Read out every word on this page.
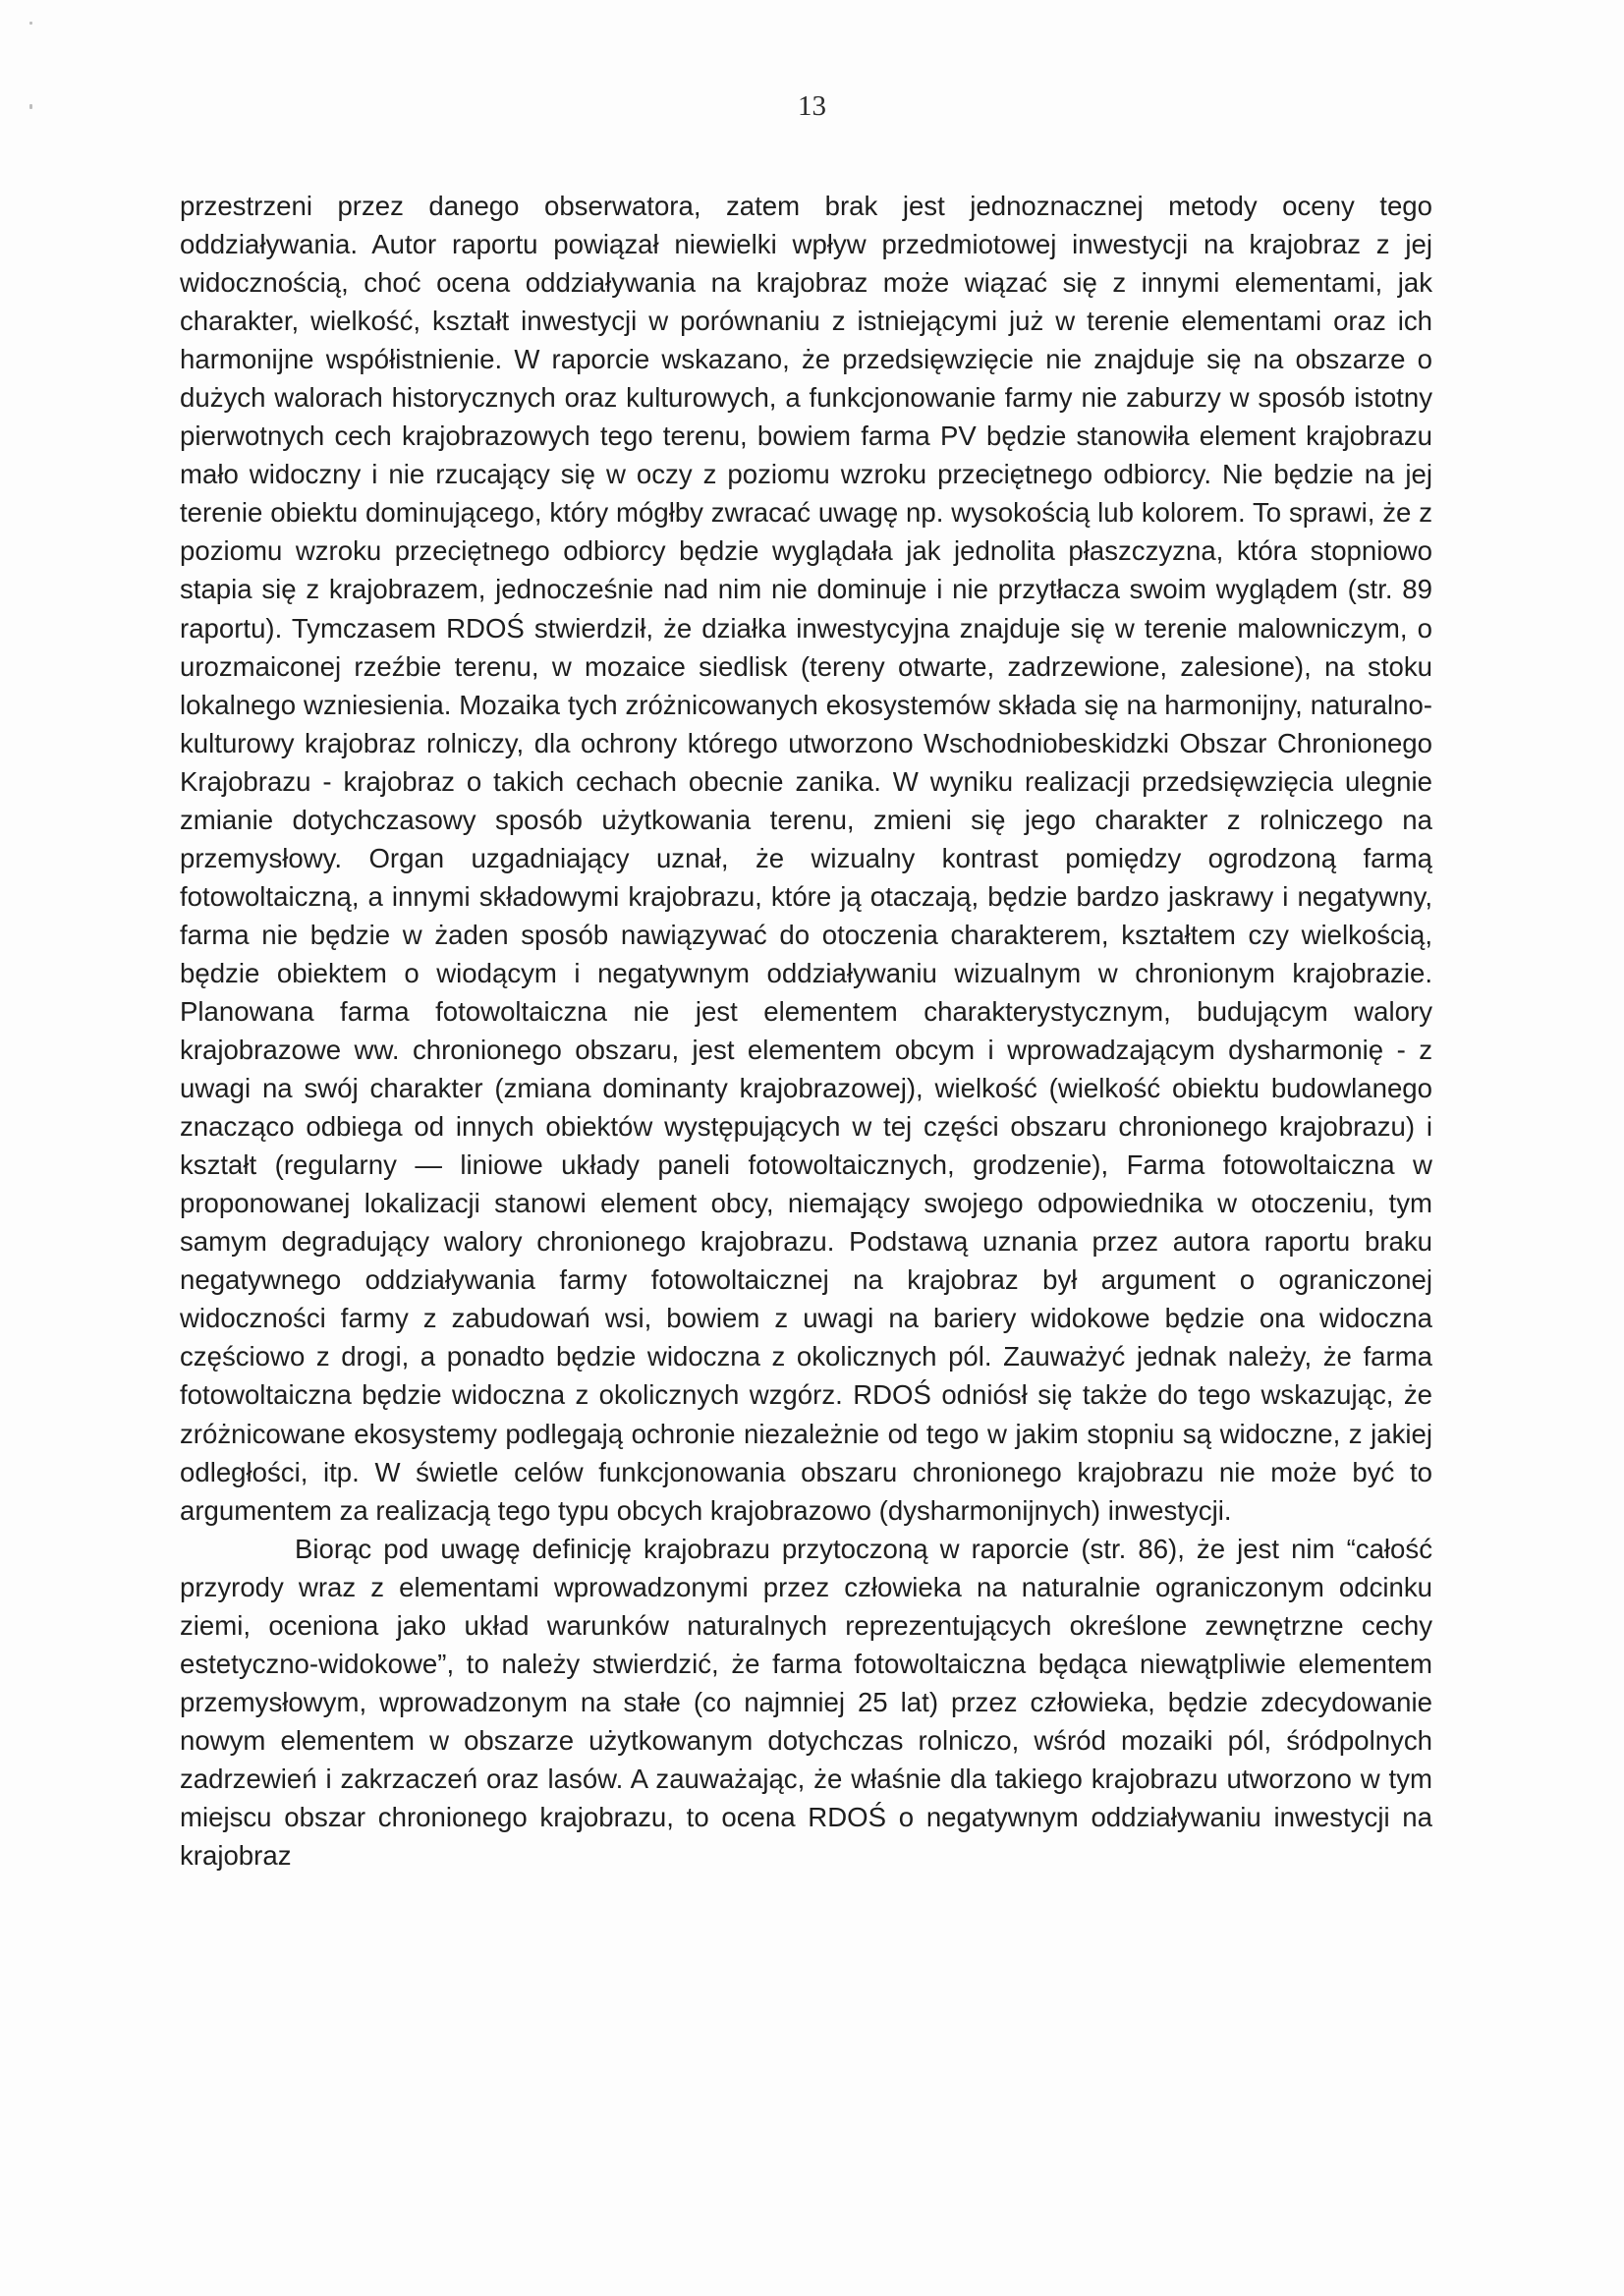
13

przestrzeni przez danego obserwatora, zatem brak jest jednoznacznej metody oceny tego oddziaływania. Autor raportu powiązał niewielki wpływ przedmiotowej inwestycji na krajobraz z jej widocznością, choć ocena oddziaływania na krajobraz może wiązać się z innymi elementami, jak charakter, wielkość, kształt inwestycji w porównaniu z istniejącymi już w terenie elementami oraz ich harmonijne współistnienie. W raporcie wskazano, że przedsięwzięcie nie znajduje się na obszarze o dużych walorach historycznych oraz kulturowych, a funkcjonowanie farmy nie zaburzy w sposób istotny pierwotnych cech krajobrazowych tego terenu, bowiem farma PV będzie stanowiła element krajobrazu mało widoczny i nie rzucający się w oczy z poziomu wzroku przeciętnego odbiorcy. Nie będzie na jej terenie obiektu dominującego, który mógłby zwracać uwagę np. wysokością lub kolorem. To sprawi, że z poziomu wzroku przeciętnego odbiorcy będzie wyglądała jak jednolita płaszczyzna, która stopniowo stapia się z krajobrazem, jednocześnie nad nim nie dominuje i nie przytłacza swoim wyglądem (str. 89 raportu). Tymczasem RDOŚ stwierdził, że działka inwestycyjna znajduje się w terenie malowniczym, o urozmaiconej rzeźbie terenu, w mozaice siedlisk (tereny otwarte, zadrzewione, zalesione), na stoku lokalnego wzniesienia. Mozaika tych zróżnicowanych ekosystemów składa się na harmonijny, naturalno-kulturowy krajobraz rolniczy, dla ochrony którego utworzono Wschodniobeskidzki Obszar Chronionego Krajobrazu - krajobraz o takich cechach obecnie zanika. W wyniku realizacji przedsięwzięcia ulegnie zmianie dotychczasowy sposób użytkowania terenu, zmieni się jego charakter z rolniczego na przemysłowy. Organ uzgadniający uznał, że wizualny kontrast pomiędzy ogrodzoną farmą fotowoltaiczną, a innymi składowymi krajobrazu, które ją otaczają, będzie bardzo jaskrawy i negatywny, farma nie będzie w żaden sposób nawiązywać do otoczenia charakterem, kształtem czy wielkością, będzie obiektem o wiodącym i negatywnym oddziaływaniu wizualnym w chronionym krajobrazie. Planowana farma fotowoltaiczna nie jest elementem charakterystycznym, budującym walory krajobrazowe ww. chronionego obszaru, jest elementem obcym i wprowadzającym dysharmonię - z uwagi na swój charakter (zmiana dominanty krajobrazowej), wielkość (wielkość obiektu budowlanego znacząco odbiega od innych obiektów występujących w tej części obszaru chronionego krajobrazu) i kształt (regularny — liniowe układy paneli fotowoltaicznych, grodzenie), Farma fotowoltaiczna w proponowanej lokalizacji stanowi element obcy, niemający swojego odpowiednika w otoczeniu, tym samym degradujący walory chronionego krajobrazu. Podstawą uznania przez autora raportu braku negatywnego oddziaływania farmy fotowoltaicznej na krajobraz był argument o ograniczonej widoczności farmy z zabudowań wsi, bowiem z uwagi na bariery widokowe będzie ona widoczna częściowo z drogi, a ponadto będzie widoczna z okolicznych pól. Zauważyć jednak należy, że farma fotowoltaiczna będzie widoczna z okolicznych wzgórz. RDOŚ odniósł się także do tego wskazując, że zróżnicowane ekosystemy podlegają ochronie niezależnie od tego w jakim stopniu są widoczne, z jakiej odległości, itp. W świetle celów funkcjonowania obszaru chronionego krajobrazu nie może być to argumentem za realizacją tego typu obcych krajobrazowo (dysharmonijnych) inwestycji.

Biorąc pod uwagę definicję krajobrazu przytoczoną w raporcie (str. 86), że jest nim “całość przyrody wraz z elementami wprowadzonymi przez człowieka na naturalnie ograniczonym odcinku ziemi, oceniona jako układ warunków naturalnych reprezentujących określone zewnętrzne cechy estetyczno-widokowe”, to należy stwierdzić, że farma fotowoltaiczna będąca niewątpliwie elementem przemysłowym, wprowadzonym na stałe (co najmniej 25 lat) przez człowieka, będzie zdecydowanie nowym elementem w obszarze użytkowanym dotychczas rolniczo, wśród mozaiki pól, śródpolnych zadrzewień i zakrzaczeń oraz lasów. A zauważając, że właśnie dla takiego krajobrazu utworzono w tym miejscu obszar chronionego krajobrazu, to ocena RDOŚ o negatywnym oddziaływaniu inwestycji na krajobraz
